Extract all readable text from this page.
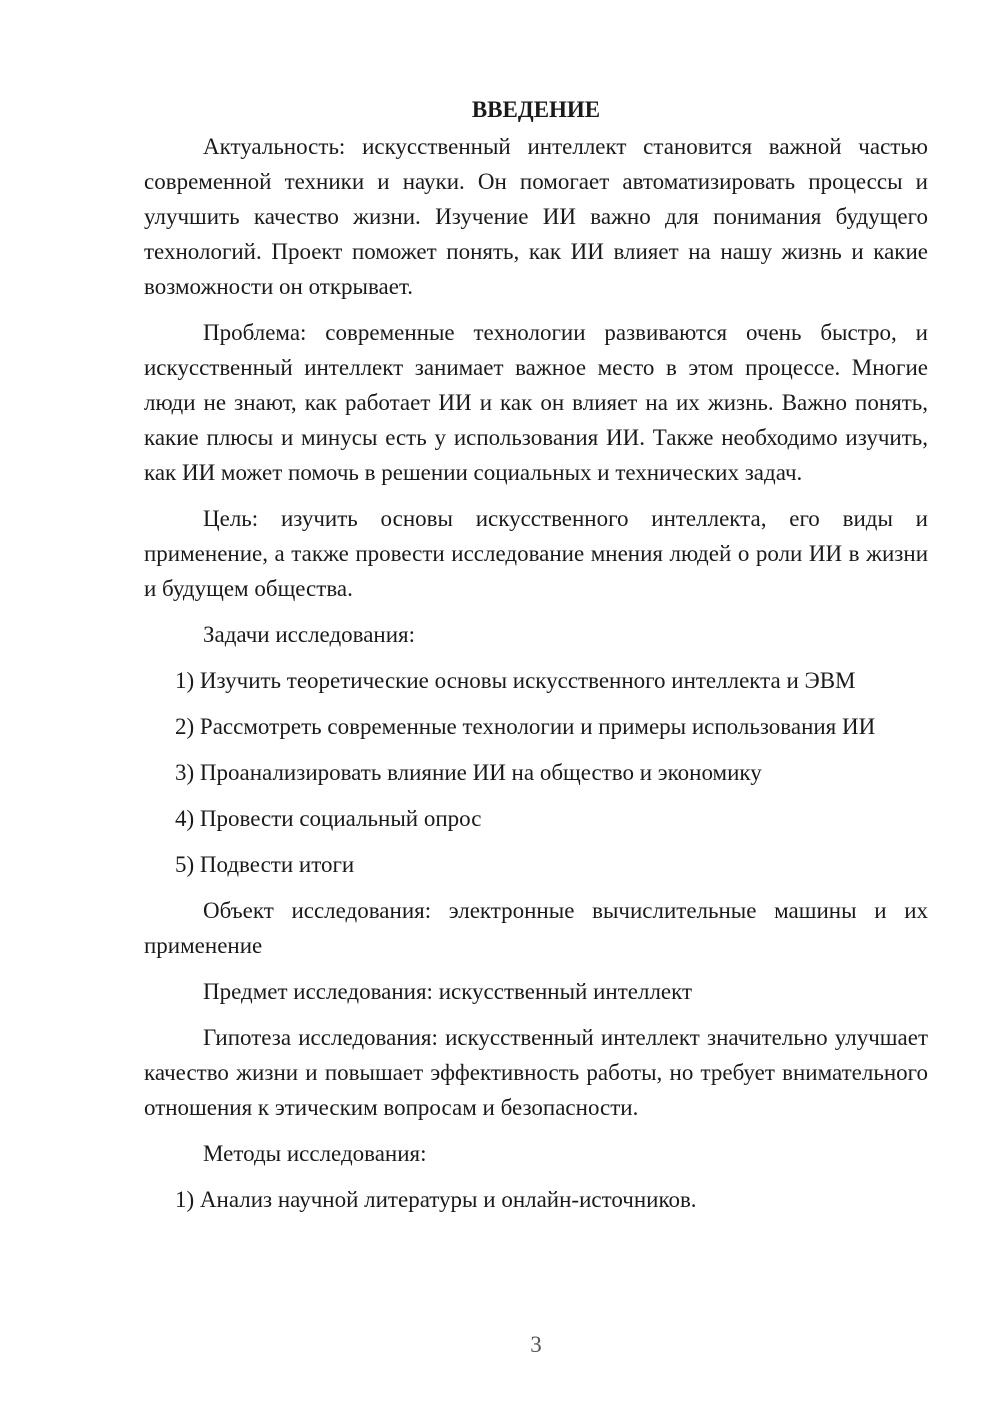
ВВЕДЕНИЕ

Актуальность: искусственный интеллект становится важной частью современной техники и науки. Он помогает автоматизировать процессы и улучшить качество жизни. Изучение ИИ важно для понимания будущего технологий. Проект поможет понять, как ИИ влияет на нашу жизнь и какие возможности он открывает.

Проблема: современные технологии развиваются очень быстро, и искусственный интеллект занимает важное место в этом процессе. Многие люди не знают, как работает ИИ и как он влияет на их жизнь. Важно понять, какие плюсы и минусы есть у использования ИИ. Также необходимо изучить, как ИИ может помочь в решении социальных и технических задач.

Цель: изучить основы искусственного интеллекта, его виды и применение, а также провести исследование мнения людей о роли ИИ в жизни и будущем общества.

Задачи исследования:

1) Изучить теоретические основы искусственного интеллекта и ЭВМ

2) Рассмотреть современные технологии и примеры использования ИИ

3) Проанализировать влияние ИИ на общество и экономику

4) Провести социальный опрос

5) Подвести итоги

Объект исследования: электронные вычислительные машины и их применение

Предмет исследования: искусственный интеллект

Гипотеза исследования: искусственный интеллект значительно улучшает качество жизни и повышает эффективность работы, но требует внимательного отношения к этическим вопросам и безопасности.

Методы исследования:

1) Анализ научной литературы и онлайн-источников.

3
